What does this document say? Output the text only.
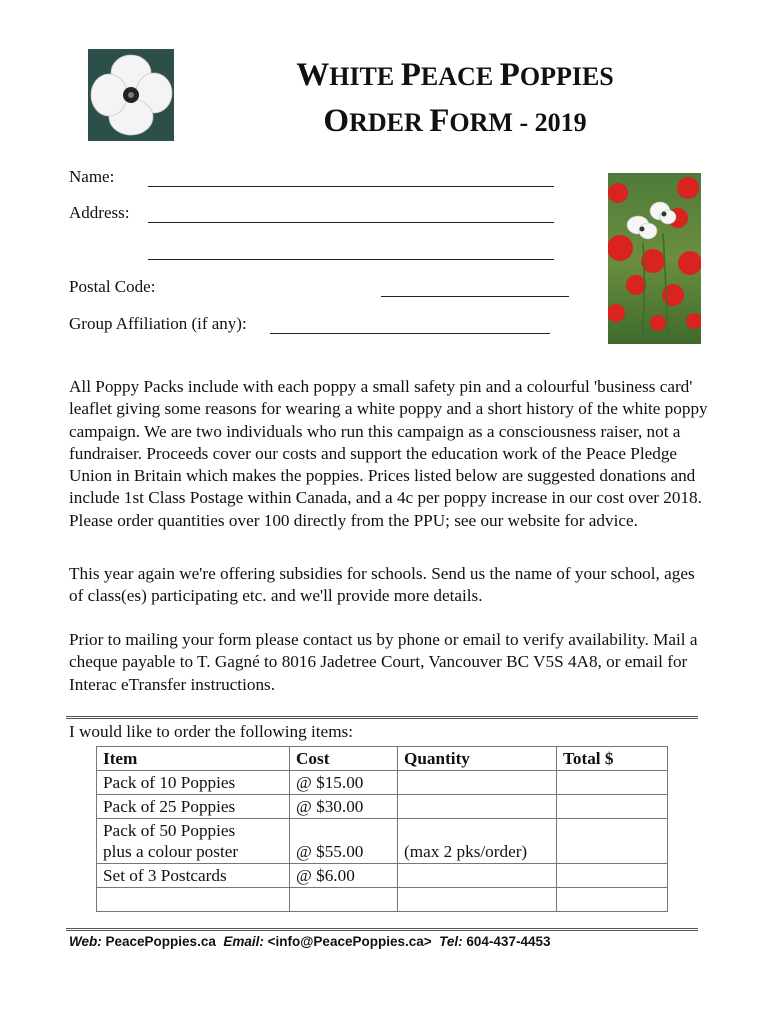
WHITE PEACE POPPIES
ORDER FORM - 2019
Name:
Address:
Postal Code:
Group Affiliation (if any):

All Poppy Packs include with each poppy a small safety pin and a colourful 'business card' leaflet giving some reasons for wearing a white poppy and a short history of the white poppy campaign. We are two individuals who run this campaign as a consciousness raiser, not a fundraiser. Proceeds cover our costs and support the education work of the Peace Pledge Union in Britain which makes the poppies. Prices listed below are suggested donations and include 1st Class Postage within Canada, and a 4c per poppy increase in our cost over 2018. Please order quantities over 100 directly from the PPU; see our website for advice.

This year again we're offering subsidies for schools. Send us the name of your school, ages of class(es) participating etc. and we'll provide more details.

Prior to mailing your form please contact us by phone or email to verify availability. Mail a cheque payable to T. Gagné to 8016 Jadetree Court, Vancouver BC V5S 4A8, or email for Interac eTransfer instructions.

I would like to order the following items:
Item	Cost	Quantity	Total $
Pack of 10 Poppies	@ $15.00		
Pack of 25 Poppies	@ $30.00		
Pack of 50 Poppies
plus a colour poster	@ $55.00	(max 2 pks/order)	
Set of 3 Postcards	@ $6.00		

Web: PeacePoppies.ca Email: <info@PeacePoppies.ca> Tel: 604-437-4453
